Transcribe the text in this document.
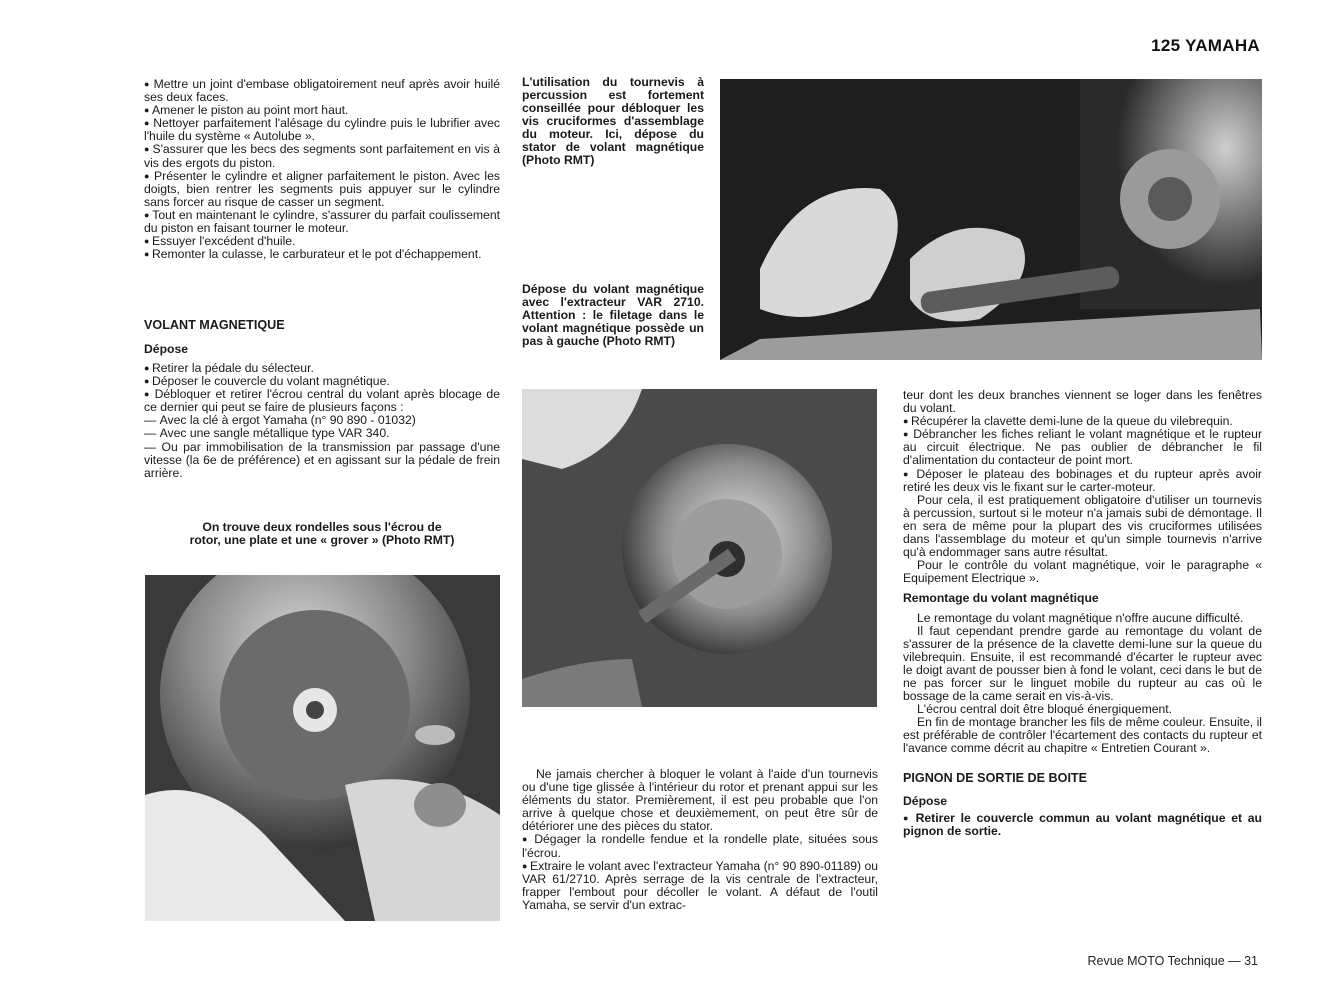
125 YAMAHA

● Mettre un joint d'embase obligatoirement neuf après avoir huilé ses deux faces.

● Amener le piston au point mort haut.

● Nettoyer parfaitement l'alésage du cylindre puis le lubrifier avec l'huile du système « Autolube ».

● S'assurer que les becs des segments sont parfaitement en vis à vis des ergots du piston.

● Présenter le cylindre et aligner parfaitement le piston. Avec les doigts, bien rentrer les segments puis appuyer sur le cylindre sans forcer au risque de casser un segment.

● Tout en maintenant le cylindre, s'assurer du parfait coulissement du piston en faisant tourner le moteur.

● Essuyer l'excédent d'huile.

● Remonter la culasse, le carburateur et le pot d'échappement.

VOLANT MAGNETIQUE

Dépose

● Retirer la pédale du sélecteur.

● Déposer le couvercle du volant magnétique.

● Débloquer et retirer l'écrou central du volant après blocage de ce dernier qui peut se faire de plusieurs façons :

— Avec la clé à ergot Yamaha (n° 90 890 - 01032)

— Avec une sangle métallique type VAR 340.

— Ou par immobilisation de la transmission par passage d'une vitesse (la 6e de préférence) et en agissant sur la pédale de frein arrière.

On trouve deux rondelles sous l'écrou de rotor, une plate et une « grover » (Photo RMT)
L'utilisation du tournevis à percussion est fortement conseillée pour débloquer les vis cruciformes d'assemblage du moteur. Ici, dépose du stator de volant magnétique (Photo RMT)
Dépose du volant magnétique avec l'extracteur VAR 2710. Attention : le filetage dans le volant magnétique possède un pas à gauche (Photo RMT)

Ne jamais chercher à bloquer le volant à l'aide d'un tournevis ou d'une tige glissée à l'intérieur du rotor et prenant appui sur les éléments du stator. Premièrement, il est peu probable que l'on arrive à quelque chose et deuxièmement, on peut être sûr de détériorer une des pièces du stator.

● Dégager la rondelle fendue et la rondelle plate, situées sous l'écrou.

● Extraire le volant avec l'extracteur Yamaha (n° 90 890-01189) ou VAR 61/2710. Après serrage de la vis centrale de l'extracteur, frapper l'embout pour décoller le volant. A défaut de l'outil Yamaha, se servir d'un extrac-

teur dont les deux branches viennent se loger dans les fenêtres du volant.

● Récupérer la clavette demi-lune de la queue du vilebrequin.

● Débrancher les fiches reliant le volant magnétique et le rupteur au circuit électrique. Ne pas oublier de débrancher le fil d'alimentation du contacteur de point mort.

● Déposer le plateau des bobinages et du rupteur après avoir retiré les deux vis le fixant sur le carter-moteur.

Pour cela, il est pratiquement obligatoire d'utiliser un tournevis à percussion, surtout si le moteur n'a jamais subi de démontage. Il en sera de même pour la plupart des vis cruciformes utilisées dans l'assemblage du moteur et qu'un simple tournevis n'arrive qu'à endommager sans autre résultat.

Pour le contrôle du volant magnétique, voir le paragraphe « Equipement Electrique ».

Remontage du volant magnétique

Le remontage du volant magnétique n'offre aucune difficulté.

Il faut cependant prendre garde au remontage du volant de s'assurer de la présence de la clavette demi-lune sur la queue du vilebrequin. Ensuite, il est recommandé d'écarter le rupteur avec le doigt avant de pousser bien à fond le volant, ceci dans le but de ne pas forcer sur le linguet mobile du rupteur au cas où le bossage de la came serait en vis-à-vis.

L'écrou central doit être bloqué énergiquement.

En fin de montage brancher les fils de même couleur. Ensuite, il est préférable de contrôler l'écartement des contacts du rupteur et l'avance comme décrit au chapitre « Entretien Courant ».

PIGNON DE SORTIE DE BOITE

Dépose

● Retirer le couvercle commun au volant magnétique et au pignon de sortie.

Revue MOTO Technique — 31
